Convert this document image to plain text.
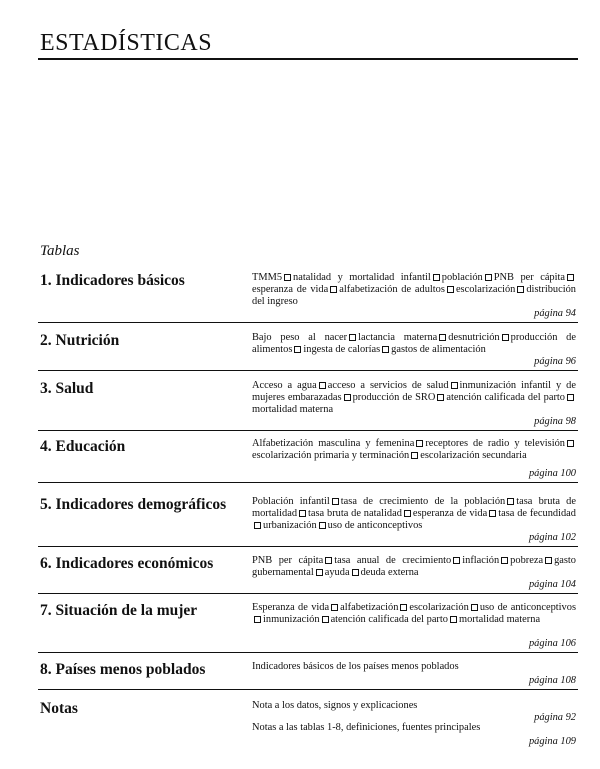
ESTADÍSTICAS
Tablas
1. Indicadores básicos	TMM5 natalidad y mortalidad infantil población PNB per cápitaesperanza de vida alfabetización de adultos escolarización distribución del ingreso
página 94
2. Nutrición	Bajo peso al nacer lactancia materna desnutrición producción de alimentos ingesta de calorías gastos de alimentación
página 96
3. Salud	Acceso a agua acceso a servicios de salud inmunización infantil y de mujeres embarazadas producción de SRO atención calificada del partomortalidad materna
página 98
4. Educación	Alfabetización masculina y femenina receptores de radio y televisiónescolarización primaria y terminación escolarización secundaria
página 100
5. Indicadores demográficos Población infantil tasa de crecimiento de la población tasa bruta de mortalidad tasa bruta de natalidad esperanza de vida tasa de fecundidadurbanización uso de anticonceptivos
página 102
6. Indicadores económicos	PNB per cápita tasa anual de crecimiento inflación pobreza gasto gubernamental ayuda deuda externa
página 104
7. Situación de la mujer	Esperanza de vida alfabetización escolarización uso de anticonceptivosinmunización atención calificada del parto mortalidad materna
página 106
8. Países menos poblados	Indicadores básicos de los países menos poblados
página 108
Notas	Nota a los datos, signos y explicaciones
página 92
Notas a las tablas 1-8, definiciones, fuentes principales
página 109
